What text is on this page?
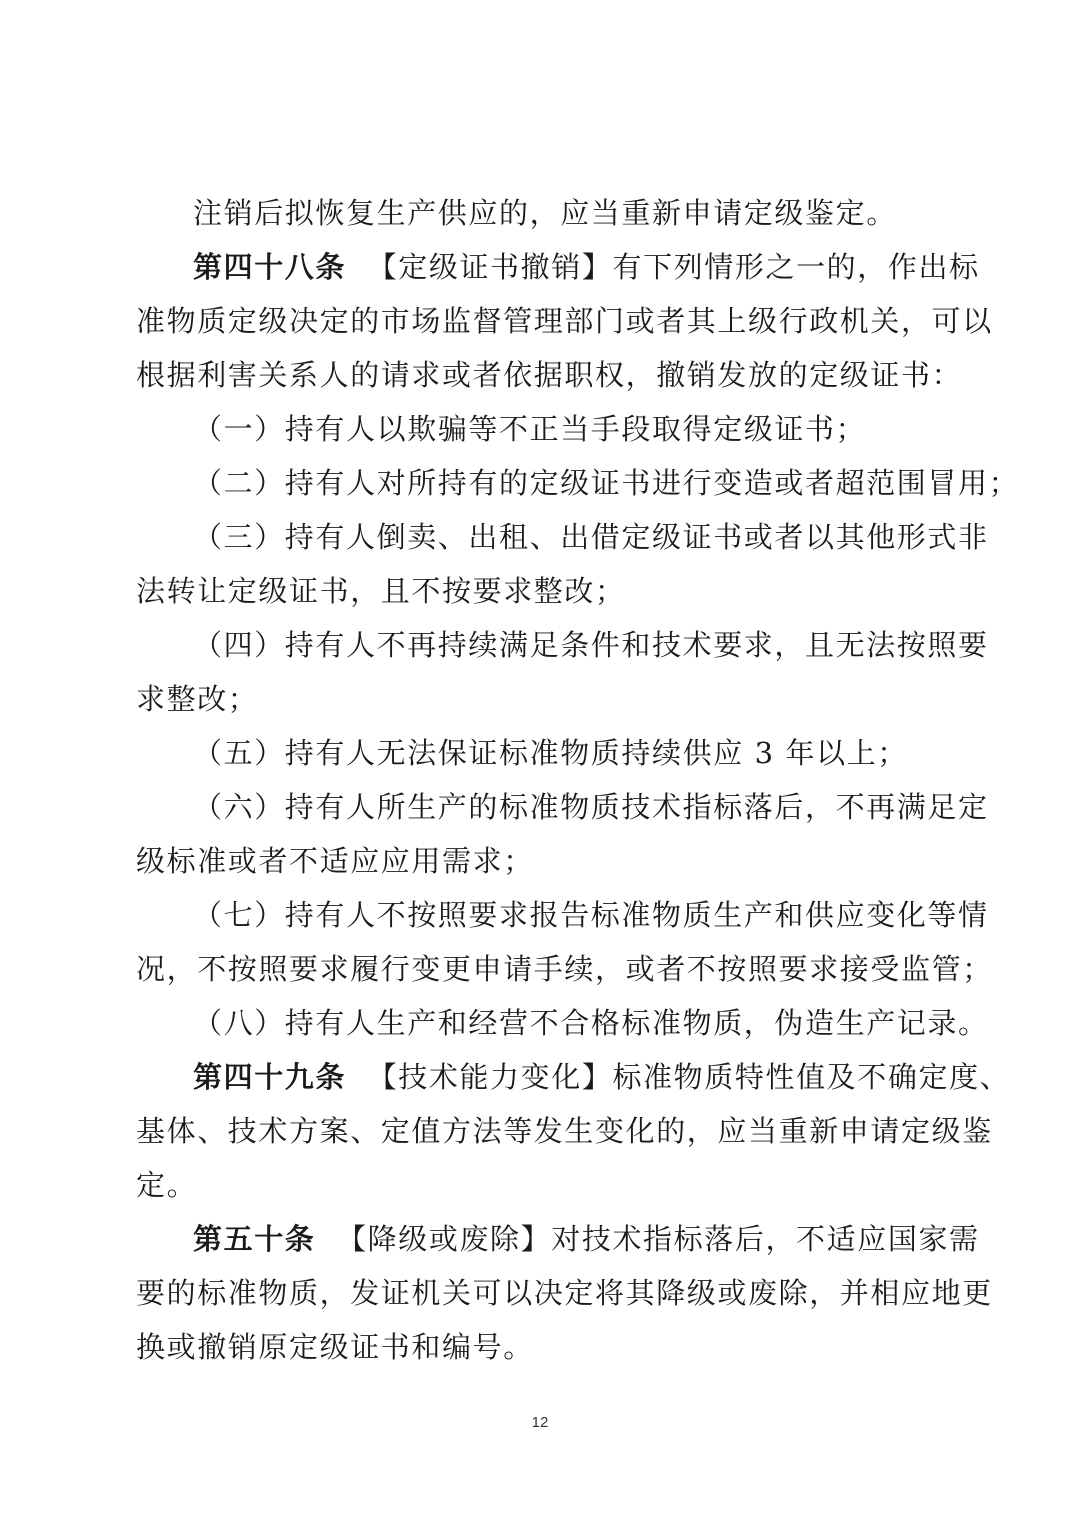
注销后拟恢复生产供应的，应当重新申请定级鉴定。
第四十八条 【定级证书撤销】有下列情形之一的，作出标
准物质定级决定的市场监督管理部门或者其上级行政机关，可以
根据利害关系人的请求或者依据职权，撤销发放的定级证书：
（一）持有人以欺骗等不正当手段取得定级证书；
（二）持有人对所持有的定级证书进行变造或者超范围冒用；
（三）持有人倒卖、出租、出借定级证书或者以其他形式非
法转让定级证书，且不按要求整改；
（四）持有人不再持续满足条件和技术要求，且无法按照要
求整改；
（五）持有人无法保证标准物质持续供应 3 年以上；
（六）持有人所生产的标准物质技术指标落后，不再满足定
级标准或者不适应应用需求；
（七）持有人不按照要求报告标准物质生产和供应变化等情
况，不按照要求履行变更申请手续，或者不按照要求接受监管；
（八）持有人生产和经营不合格标准物质，伪造生产记录。
第四十九条 【技术能力变化】标准物质特性值及不确定度、
基体、技术方案、定值方法等发生变化的，应当重新申请定级鉴
定。
第五十条 【降级或废除】对技术指标落后，不适应国家需
要的标准物质，发证机关可以决定将其降级或废除，并相应地更
换或撤销原定级证书和编号。
12
